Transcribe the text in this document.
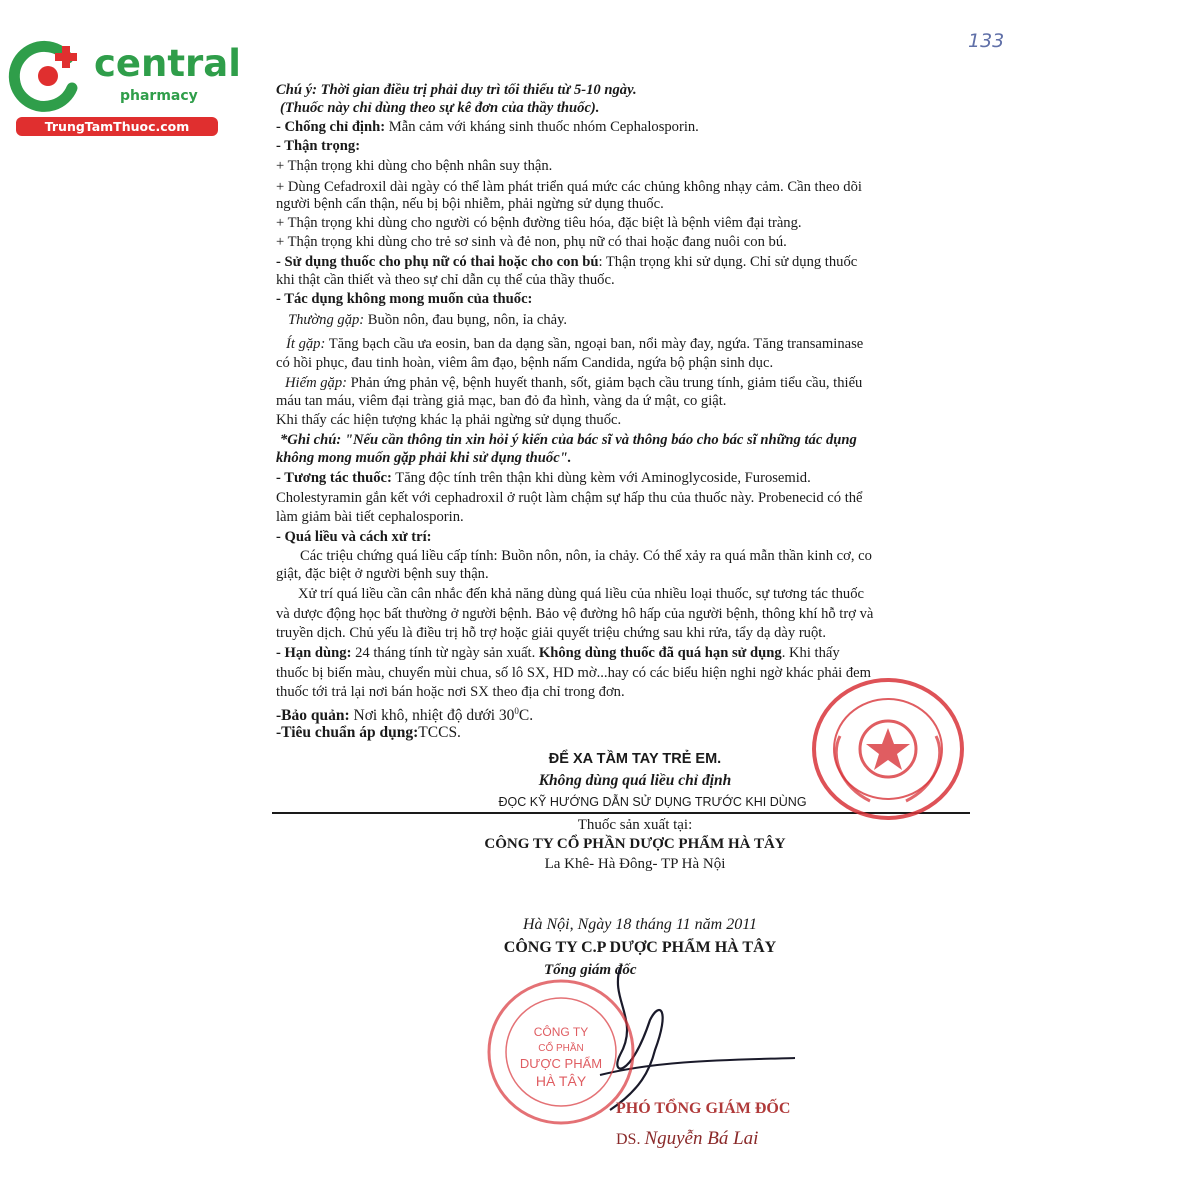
central
pharmacy
TrungTamThuoc.com
133
Chú ý: Thời gian điều trị phải duy trì tối thiểu từ 5-10 ngày.
(Thuốc này chỉ dùng theo sự kê đơn của thầy thuốc).
- Chống chỉ định: Mẫn cảm với kháng sinh thuốc nhóm Cephalosporin.
- Thận trọng:
+ Thận trọng khi dùng cho bệnh nhân suy thận.
+ Dùng Cefadroxil dài ngày có thể làm phát triển quá mức các chủng không nhạy cảm. Cần theo dõi
người bệnh cẩn thận, nếu bị bội nhiễm, phải ngừng sử dụng thuốc.
+ Thận trọng khi dùng cho người có bệnh đường tiêu hóa, đặc biệt là bệnh viêm đại tràng.
+ Thận trọng khi dùng cho trẻ sơ sinh và đẻ non, phụ nữ có thai hoặc đang nuôi con bú.
- Sử dụng thuốc cho phụ nữ có thai hoặc cho con bú: Thận trọng khi sử dụng. Chỉ sử dụng thuốc
khi thật cần thiết và theo sự chỉ dẫn cụ thể của thầy thuốc.
- Tác dụng không mong muốn của thuốc:
Thường gặp: Buồn nôn, đau bụng, nôn, ỉa chảy.
Ít gặp: Tăng bạch cầu ưa eosin, ban da dạng sần, ngoại ban, nổi mày đay, ngứa. Tăng transaminase
có hồi phục, đau tinh hoàn, viêm âm đạo, bệnh nấm Candida, ngứa bộ phận sinh dục.
Hiếm gặp: Phản ứng phản vệ, bệnh huyết thanh, sốt, giảm bạch cầu trung tính, giảm tiểu cầu, thiếu
máu tan máu, viêm đại tràng giả mạc, ban đỏ đa hình, vàng da ứ mật, co giật.
Khi thấy các hiện tượng khác lạ phải ngừng sử dụng thuốc.
*Ghi chú: "Nếu cần thông tin xin hỏi ý kiến của bác sĩ và thông báo cho bác sĩ những tác dụng
không mong muốn gặp phải khi sử dụng thuốc".
- Tương tác thuốc: Tăng độc tính trên thận khi dùng kèm với Aminoglycoside, Furosemid.
Cholestyramin gắn kết với cephadroxil ở ruột làm chậm sự hấp thu của thuốc này. Probenecid có thể
làm giảm bài tiết cephalosporin.
- Quá liều và cách xử trí:
Các triệu chứng quá liều cấp tính: Buồn nôn, nôn, ỉa chảy. Có thể xảy ra quá mẫn thần kinh cơ, co
giật, đặc biệt ở người bệnh suy thận.
Xử trí quá liều cần cân nhắc đến khả năng dùng quá liều của nhiều loại thuốc, sự tương tác thuốc
và dược động học bất thường ở người bệnh. Bảo vệ đường hô hấp của người bệnh, thông khí hỗ trợ và
truyền dịch. Chủ yếu là điều trị hỗ trợ hoặc giải quyết triệu chứng sau khi rửa, tẩy dạ dày ruột.
- Hạn dùng: 24 tháng tính từ ngày sản xuất. Không dùng thuốc đã quá hạn sử dụng. Khi thấy
thuốc bị biến màu, chuyển mùi chua, số lô SX, HD mờ...hay có các biểu hiện nghi ngờ khác phải đem
thuốc tới trả lại nơi bán hoặc nơi SX theo địa chỉ trong đơn.
-Bảo quản: Nơi khô, nhiệt độ dưới $30^0C$.
-Tiêu chuẩn áp dụng:TCCS.
ĐỂ XA TẦM TAY TRẺ EM.
Không dùng quá liều chỉ định
ĐỌC KỸ HƯỚNG DẪN SỬ DỤNG TRƯỚC KHI DÙNG
Thuốc sản xuất tại:
CÔNG TY CỔ PHẦN DƯỢC PHẨM HÀ TÂY
La Khê- Hà Đông- TP Hà Nội
Hà Nội, Ngày 18 tháng 11 năm 2011
CÔNG TY C.P DƯỢC PHẨM HÀ TÂY
Tổng giám đốc
CÔNG TY
CỔ PHẦN
DƯỢC PHẨM
HÀ TÂY
PHÓ TỔNG GIÁM ĐỐC
DS. Nguyễn Bá Lai
